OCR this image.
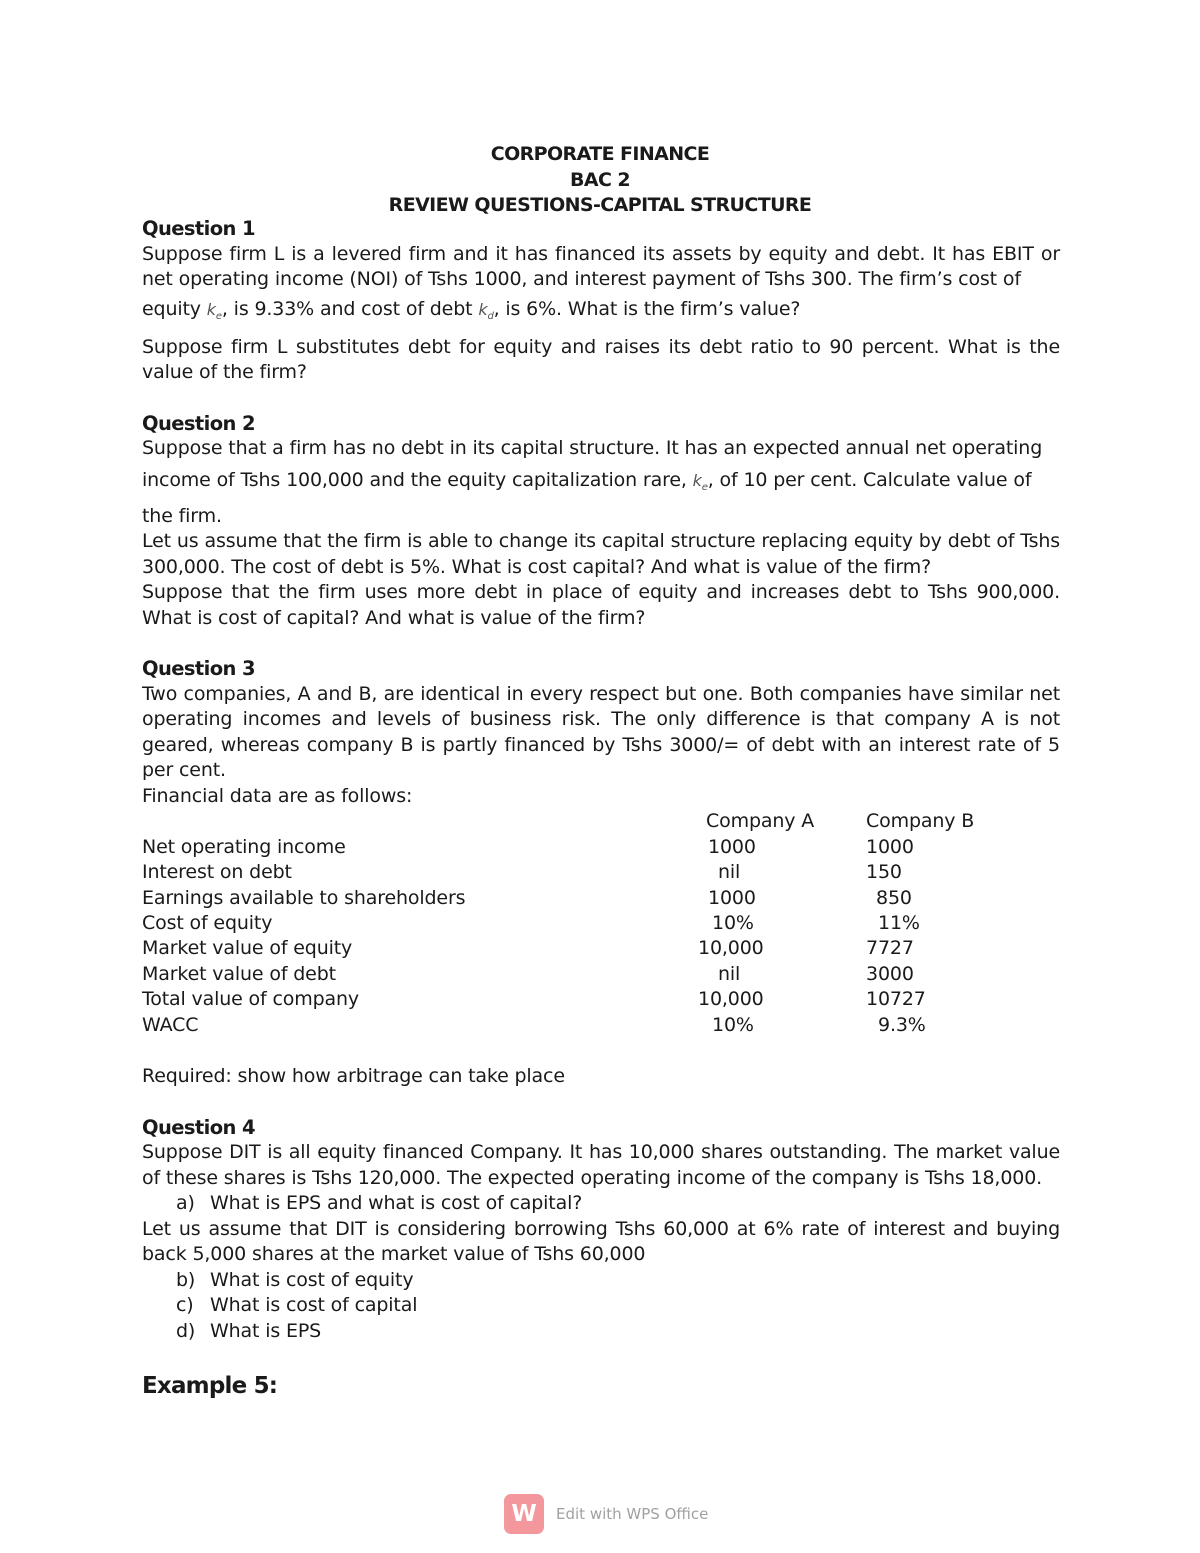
CORPORATE FINANCE
BAC 2
REVIEW QUESTIONS-CAPITAL STRUCTURE
Question 1

Suppose firm L is a levered firm and it has financed its assets by equity and debt. It has EBIT or net operating income (NOI) of Tshs 1000, and interest payment of Tshs 300. The firm’s cost of

equity $k_e$, is 9.33% and cost of debt $k_d$, is 6%. What is the firm’s value?

Suppose firm L substitutes debt for equity and raises its debt ratio to 90 percent. What is the value of the firm?

Question 2

Suppose that a firm has no debt in its capital structure. It has an expected annual net operating

income of Tshs 100,000 and the equity capitalization rare, $k_e$, of 10 per cent. Calculate value of

the firm.

Let us assume that the firm is able to change its capital structure replacing equity by debt of Tshs 300,000. The cost of debt is 5%. What is cost capital? And what is value of the firm?

Suppose that the firm uses more debt in place of equity and increases debt to Tshs 900,000. What is cost of capital? And what is value of the firm?

Question 3

Two companies, A and B, are identical in every respect but one. Both companies have similar net operating incomes and levels of business risk. The only difference is that company A is not geared, whereas company B is partly financed by Tshs 3000/= of debt with an interest rate of 5 per cent.

Financial data are as follows:

	Company A	Company B
Net operating income	1000	1000
Interest on debt	nil	150
Earnings available to shareholders	1000	850
Cost of equity	10%	11%
Market value of equity	10,000	7727
Market value of debt	nil	3000
Total value of company	10,000	10727
WACC	10%	9.3%

Required: show how arbitrage can take place

Question 4

Suppose DIT is all equity financed Company. It has 10,000 shares outstanding. The market value of these shares is Tshs 120,000. The expected operating income of the company is Tshs 18,000.

a) What is EPS and what is cost of capital?

Let us assume that DIT is considering borrowing Tshs 60,000 at 6% rate of interest and buying back 5,000 shares at the market value of Tshs 60,000

b) What is cost of equity
c) What is cost of capital
d) What is EPS
Example 5:
W	Edit with WPS Office
